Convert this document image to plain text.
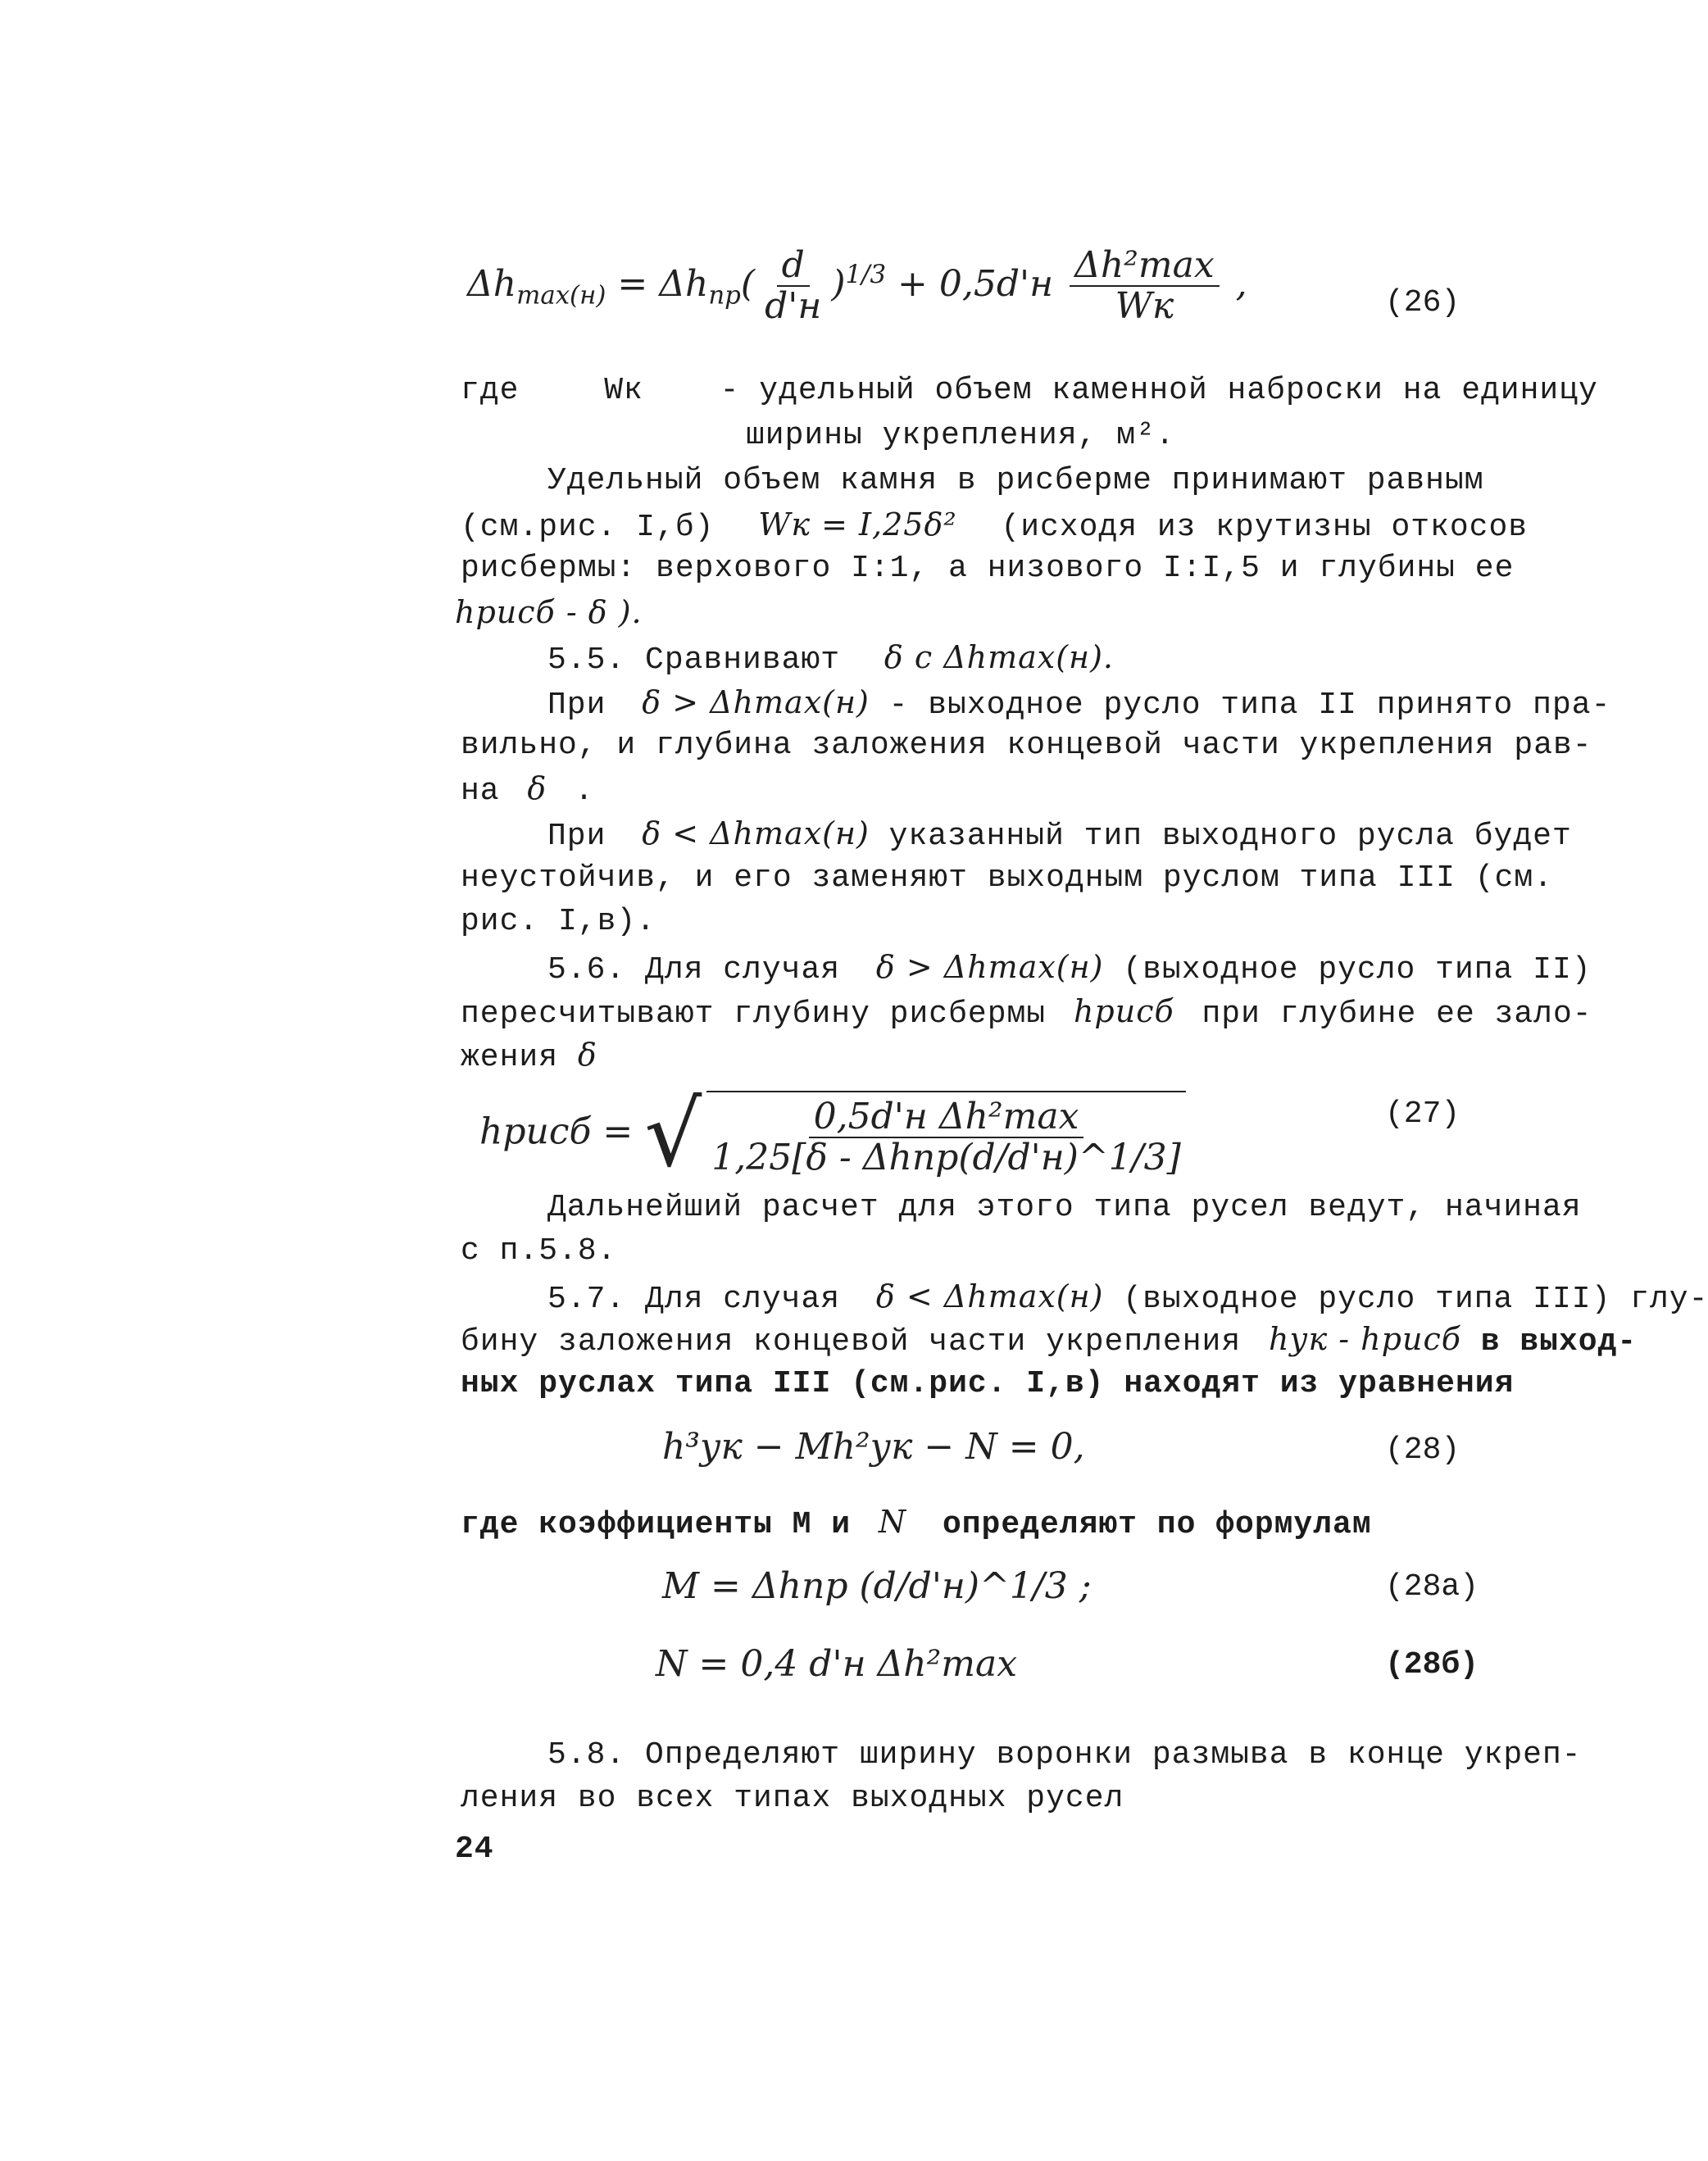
$\Delta h_{max(н)} = \Delta h_{пр}( \frac{d}{d'н} )^{1/3} + 0,5d'н \frac{\text{Δh²max}}{Wк}$ ,	(26)
где	Wк - удельный объем каменной наброски на единицу
ширины укрепления, м².
Удельный объем камня в рисберме принимают равным
(см.рис. I,б) Wк = I,25δ² (исходя из крутизны откосов
рисбермы: верхового I:1, а низового I:I,5 и глубины ее
hрисб - δ ).
5.5. Сравнивают δ с Δhmax(н).
При δ > Δhmax(н) - выходное русло типа II принято пра-
вильно, и глубина заложения концевой части укрепления рав-
на δ .
При δ < Δhmax(н) указанный тип выходного русла будет
неустойчив, и его заменяют выходным руслом типа III (см.
рис. I,в).
5.6. Для случая δ > Δhmax(н) (выходное русло типа II)
пересчитывают глубину рисбермы hрисб при глубине ее зало-
жения δ
hрисб = √ $\frac{\text{0,5d'н Δh²max}}{\text{1,25[δ - Δhпр(d/d'н)\textasciicircum{}1/3]}}$	(27)
Дальнейший расчет для этого типа русел ведут, начиная
с п.5.8.
5.7. Для случая δ < Δhmax(н) (выходное русло типа III) глу-
бину заложения концевой части укрепления hук - hрисб в выход-
ных руслах типа III (см.рис. I,в) находят из уравнения
h³ук − Mh²ук − N = 0,	(28)
где коэффициенты М и N определяют по формулам
M = Δhпр (d/d'н)^1/3 ;	(28а)
N = 0,4 d'н Δh²max	(28б)
5.8. Определяют ширину воронки размыва в конце укреп-
ления во всех типах выходных русел
24
